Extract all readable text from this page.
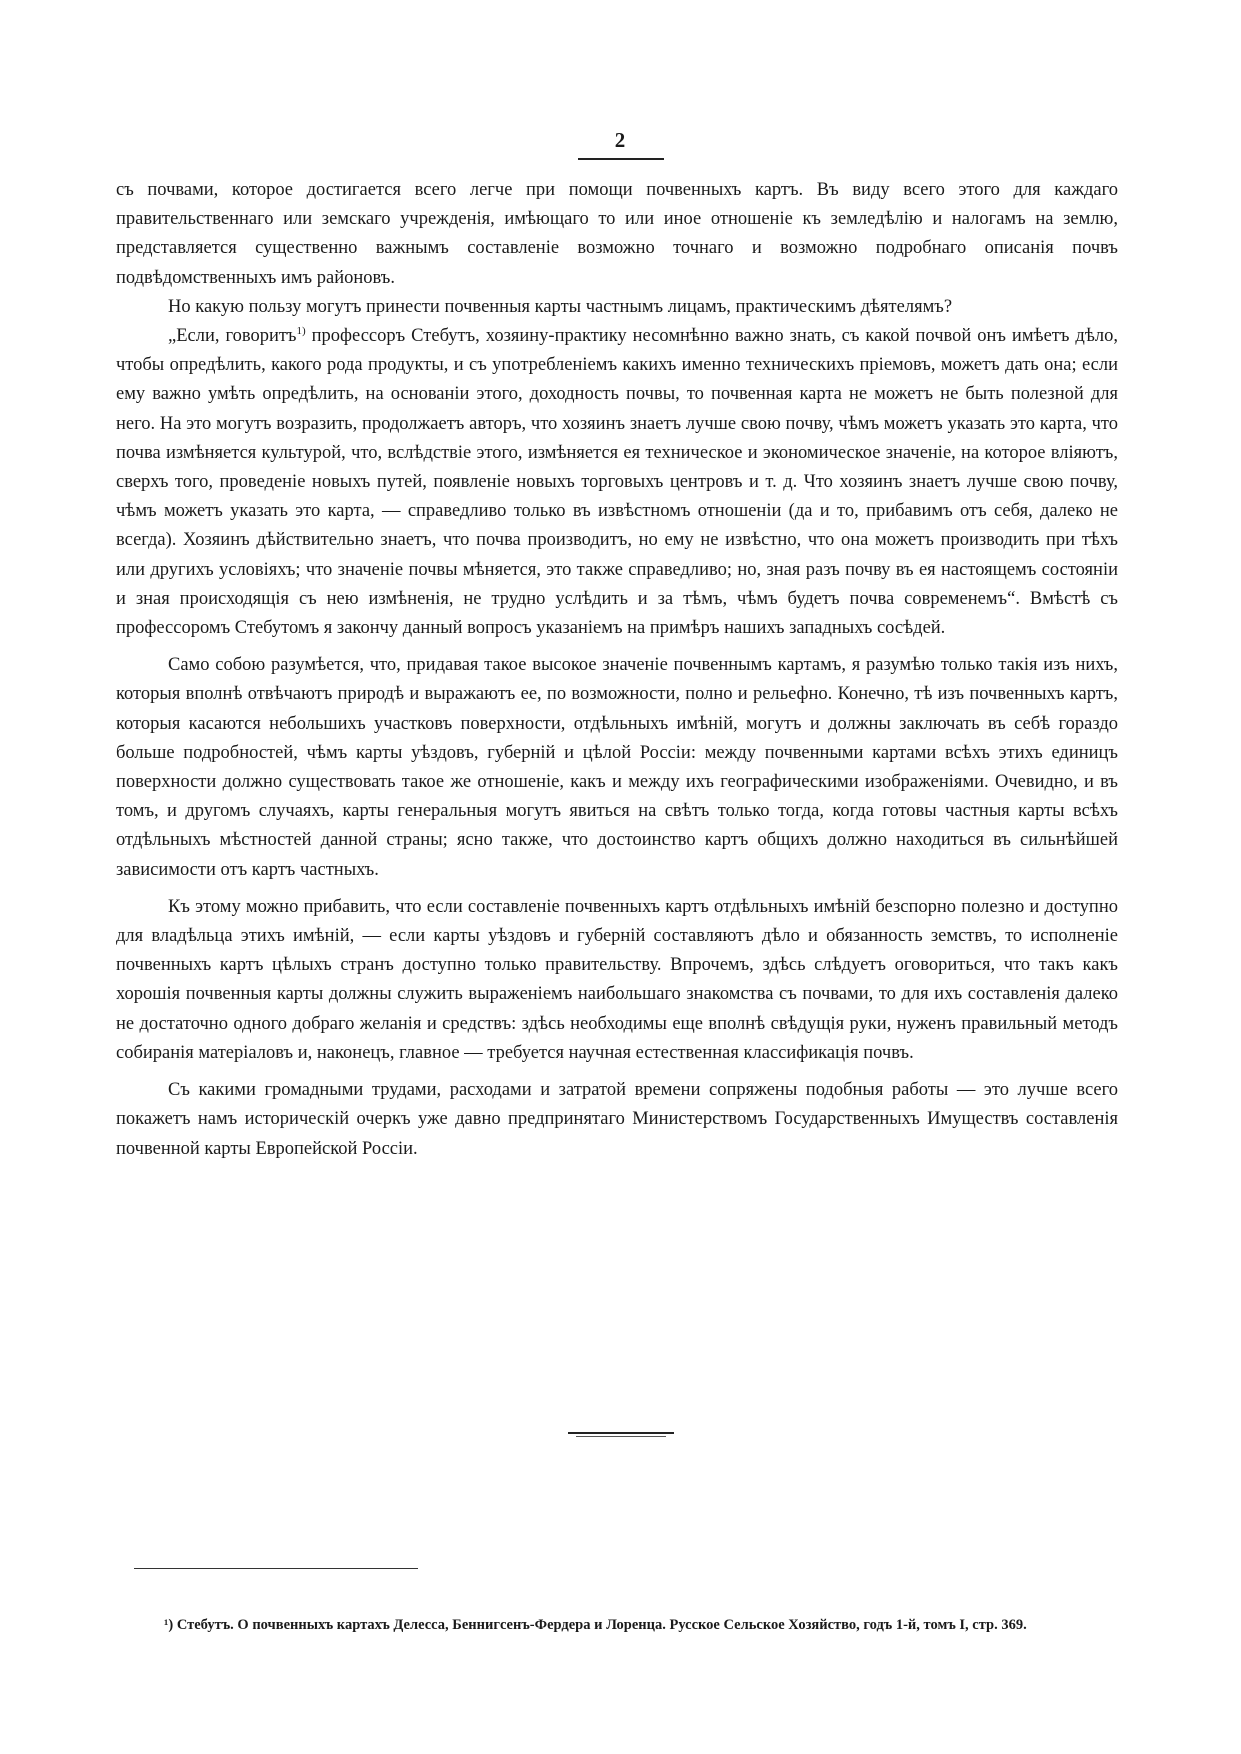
2

съ почвами, которое достигается всего легче при помощи почвенныхъ картъ. Въ виду всего этого для каждаго правительственнаго или земскаго учрежденія, имѣющаго то или иное отношеніе къ земледѣлію и налогамъ на землю, представляется существенно важнымъ составленіе возможно точнаго и возможно подробнаго описанія почвъ подвѣдомственныхъ имъ районовъ.

Но какую пользу могутъ принести почвенныя карты частнымъ лицамъ, практическимъ дѣятелямъ?

„Если, говоритъ$^{1)}$ профессоръ Стебутъ, хозяину-практику несомнѣнно важно знать, съ какой почвой онъ имѣетъ дѣло, чтобы опредѣлить, какого рода продукты, и съ употребленіемъ какихъ именно техническихъ пріемовъ, можетъ дать она; если ему важно умѣть опредѣлить, на основаніи этого, доходность почвы, то почвенная карта не можетъ не быть полезной для него. На это могутъ возразить, продолжаетъ авторъ, что хозяинъ знаетъ лучше свою почву, чѣмъ можетъ указать это карта, что почва измѣняется культурой, что, вслѣдствіе этого, измѣняется ея техническое и экономическое значеніе, на которое вліяютъ, сверхъ того, проведеніе новыхъ путей, появленіе новыхъ торговыхъ центровъ и т. д. Что хозяинъ знаетъ лучше свою почву, чѣмъ можетъ указать это карта, — справедливо только въ извѣстномъ отношеніи (да и то, прибавимъ отъ себя, далеко не всегда). Хозяинъ дѣйствительно знаетъ, что почва производитъ, но ему не извѣстно, что она можетъ производить при тѣхъ или другихъ условіяхъ; что значеніе почвы мѣняется, это также справедливо; но, зная разъ почву въ ея настоящемъ состояніи и зная происходящія съ нею измѣненія, не трудно услѣдить и за тѣмъ, чѣмъ будетъ почва современемъ“. Вмѣстѣ съ профессоромъ Стебутомъ я закончу данный вопросъ указаніемъ на примѣръ нашихъ западныхъ сосѣдей.

Само собою разумѣется, что, придавая такое высокое значеніе почвеннымъ картамъ, я разумѣю только такія изъ нихъ, которыя вполнѣ отвѣчаютъ природѣ и выражаютъ ее, по возможности, полно и рельефно. Конечно, тѣ изъ почвенныхъ картъ, которыя касаются небольшихъ участковъ поверхности, отдѣльныхъ имѣній, могутъ и должны заключать въ себѣ гораздо больше подробностей, чѣмъ карты уѣздовъ, губерній и цѣлой Россіи: между почвенными картами всѣхъ этихъ единицъ поверхности должно существовать такое же отношеніе, какъ и между ихъ географическими изображеніями. Очевидно, и въ томъ, и другомъ случаяхъ, карты генеральныя могутъ явиться на свѣтъ только тогда, когда готовы частныя карты всѣхъ отдѣльныхъ мѣстностей данной страны; ясно также, что достоинство картъ общихъ должно находиться въ сильнѣйшей зависимости отъ картъ частныхъ.

Къ этому можно прибавить, что если составленіе почвенныхъ картъ отдѣльныхъ имѣній безспорно полезно и доступно для владѣльца этихъ имѣній, — если карты уѣздовъ и губерній составляютъ дѣло и обязанность земствъ, то исполненіе почвенныхъ картъ цѣлыхъ странъ доступно только правительству. Впрочемъ, здѣсь слѣдуетъ оговориться, что такъ какъ хорошія почвенныя карты должны служить выраженіемъ наибольшаго знакомства съ почвами, то для ихъ составленія далеко не достаточно одного добраго желанія и средствъ: здѣсь необходимы еще вполнѣ свѣдущія руки, нуженъ правильный методъ собиранія матеріаловъ и, наконецъ, главное — требуется научная естественная классификація почвъ.

Съ какими громадными трудами, расходами и затратой времени сопряжены подобныя работы — это лучше всего покажетъ намъ историческій очеркъ уже давно предпринятаго Министерствомъ Государственныхъ Имуществъ составленія почвенной карты Европейской Россіи.

¹) Стебутъ. О почвенныхъ картахъ Делесса, Беннигсенъ-Фердера и Лоренца. Русское Сельское Хозяйство, годъ 1-й, томъ I, стр. 369.
